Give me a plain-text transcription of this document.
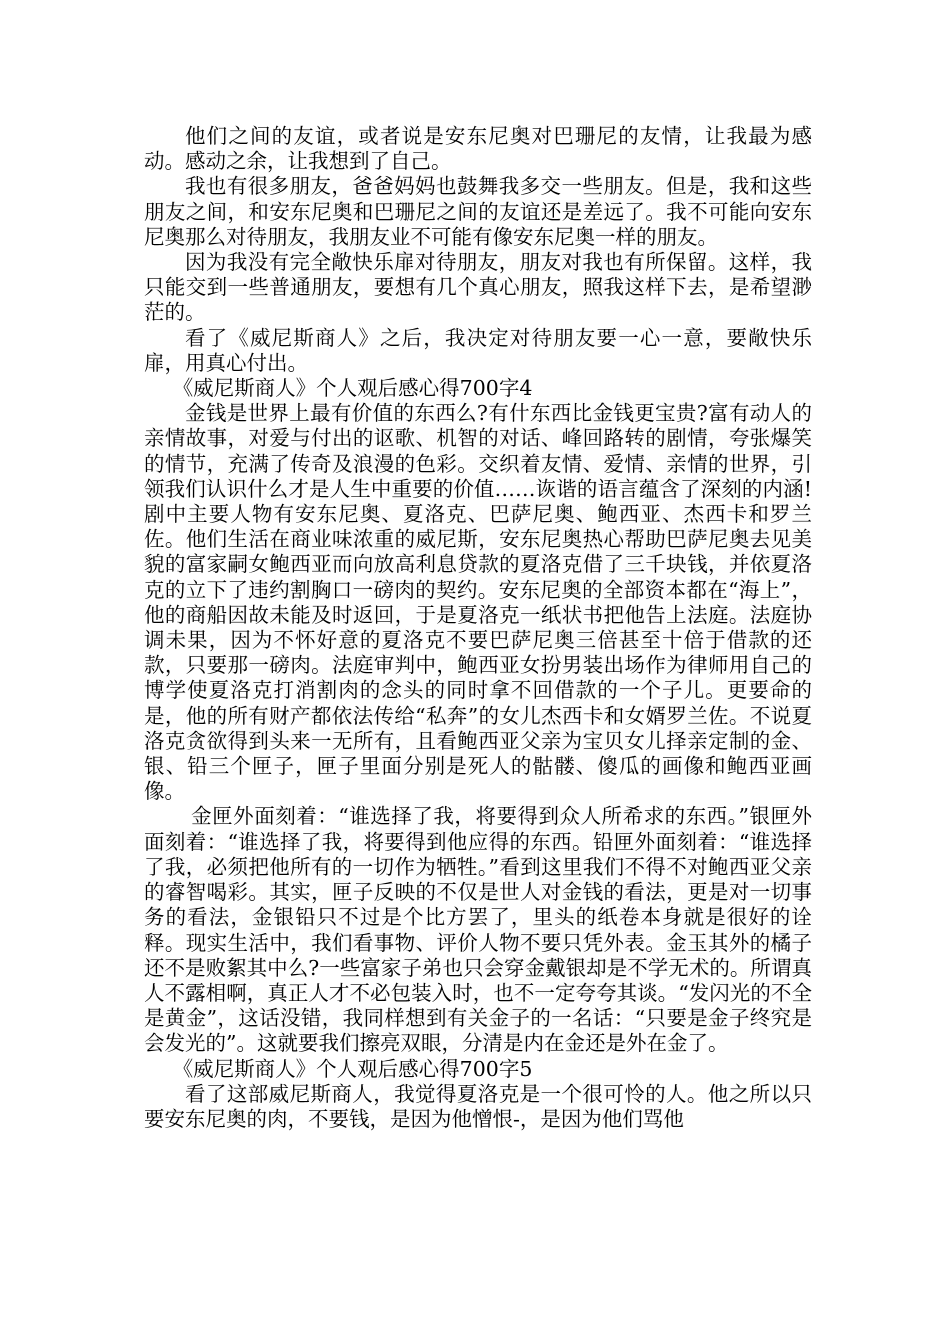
他们之间的友谊，或者说是安东尼奥对巴珊尼的友情，让我最为感动。感动之余，让我想到了自己。

我也有很多朋友，爸爸妈妈也鼓舞我多交一些朋友。但是，我和这些朋友之间，和安东尼奥和巴珊尼之间的友谊还是差远了。我不可能向安东尼奥那么对待朋友，我朋友业不可能有像安东尼奥一样的朋友。

因为我没有完全敞快乐扉对待朋友，朋友对我也有所保留。这样，我只能交到一些普通朋友，要想有几个真心朋友，照我这样下去，是希望渺茫的。

看了《威尼斯商人》之后，我决定对待朋友要一心一意，要敞快乐扉，用真心付出。

《威尼斯商人》个人观后感心得700字4

金钱是世界上最有价值的东西么?有什东西比金钱更宝贵?富有动人的亲情故事，对爱与付出的讴歌、机智的对话、峰回路转的剧情，夸张爆笑的情节，充满了传奇及浪漫的色彩。交织着友情、爱情、亲情的世界，引领我们认识什么才是人生中重要的价值……诙谐的语言蕴含了深刻的内涵!剧中主要人物有安东尼奥、夏洛克、巴萨尼奥、鲍西亚、杰西卡和罗兰佐。他们生活在商业味浓重的威尼斯，安东尼奥热心帮助巴萨尼奥去见美貌的富家嗣女鲍西亚而向放高利息贷款的夏洛克借了三千块钱，并依夏洛克的立下了违约割胸口一磅肉的契约。安东尼奥的全部资本都在“海上”，他的商船因故未能及时返回，于是夏洛克一纸状书把他告上法庭。法庭协调未果，因为不怀好意的夏洛克不要巴萨尼奥三倍甚至十倍于借款的还款，只要那一磅肉。法庭审判中，鲍西亚女扮男装出场作为律师用自己的博学使夏洛克打消割肉的念头的同时拿不回借款的一个子儿。更要命的是，他的所有财产都依法传给“私奔”的女儿杰西卡和女婿罗兰佐。不说夏洛克贪欲得到头来一无所有，且看鲍西亚父亲为宝贝女儿择亲定制的金、银、铅三个匣子，匣子里面分别是死人的骷髅、傻瓜的画像和鲍西亚画像。

金匣外面刻着：“谁选择了我，将要得到众人所希求的东西。”银匣外面刻着：“谁选择了我，将要得到他应得的东西。铅匣外面刻着：“谁选择了我，必须把他所有的一切作为牺牲。”看到这里我们不得不对鲍西亚父亲的睿智喝彩。其实，匣子反映的不仅是世人对金钱的看法，更是对一切事务的看法，金银铅只不过是个比方罢了，里头的纸卷本身就是很好的诠释。现实生活中，我们看事物、评价人物不要只凭外表。金玉其外的橘子还不是败絮其中么?一些富家子弟也只会穿金戴银却是不学无术的。所谓真人不露相啊，真正人才不必包装入时，也不一定夸夸其谈。“发闪光的不全是黄金”，这话没错，我同样想到有关金子的一名话：“只要是金子终究是会发光的”。这就要我们擦亮双眼，分清是内在金还是外在金了。

《威尼斯商人》个人观后感心得700字5

看了这部威尼斯商人，我觉得夏洛克是一个很可怜的人。他之所以只要安东尼奥的肉，不要钱，是因为他憎恨-，是因为他们骂他
